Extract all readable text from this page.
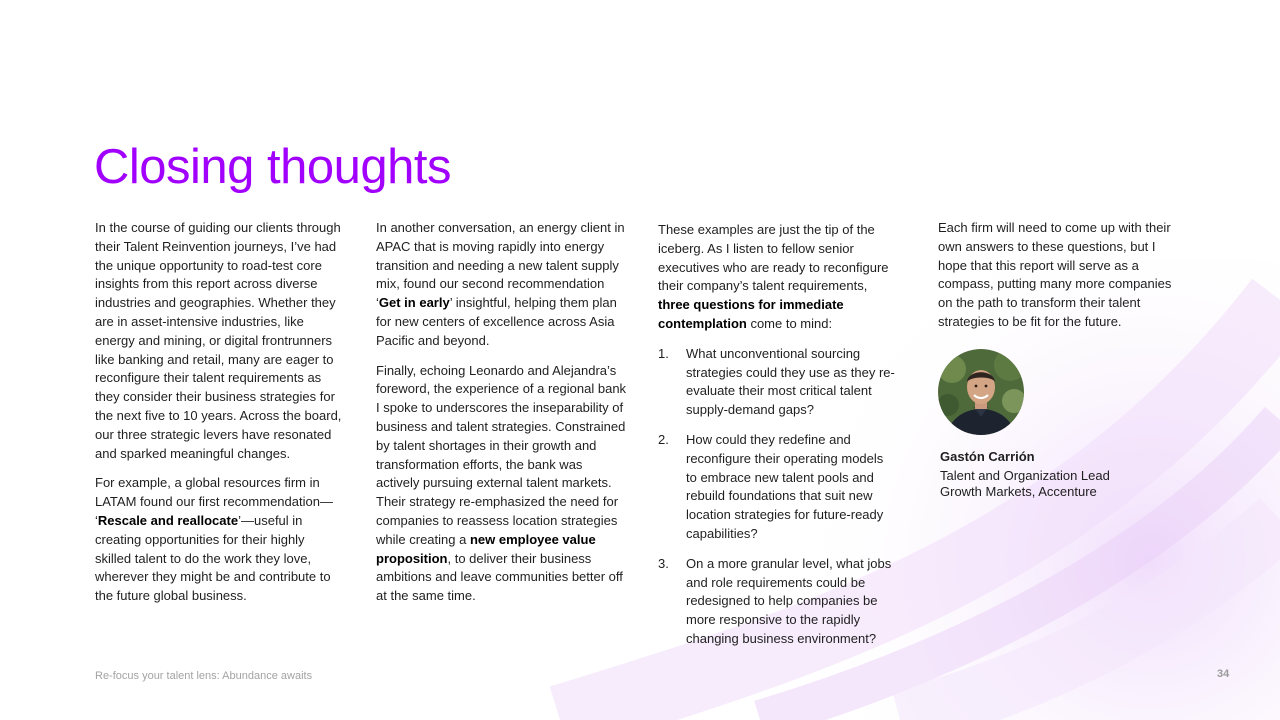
Closing thoughts

In the course of guiding our clients through their Talent Reinvention journeys, I’ve had the unique opportunity to road-test core insights from this report across diverse industries and geographies. Whether they are in asset-intensive industries, like energy and mining, or digital frontrunners like banking and retail, many are eager to reconfigure their talent requirements as they consider their business strategies for the next five to 10 years. Across the board, our three strategic levers have resonated and sparked meaningful changes.

For example, a global resources firm in LATAM found our first recommendation— ‘Rescale and reallocate’—useful in creating opportunities for their highly skilled talent to do the work they love, wherever they might be and contribute to the future global business.

In another conversation, an energy client in APAC that is moving rapidly into energy transition and needing a new talent supply mix, found our second recommendation ‘Get in early’ insightful, helping them plan for new centers of excellence across Asia Pacific and beyond.

Finally, echoing Leonardo and Alejandra’s foreword, the experience of a regional bank I spoke to underscores the inseparability of business and talent strategies. Constrained by talent shortages in their growth and transformation efforts, the bank was actively pursuing external talent markets. Their strategy re-emphasized the need for companies to reassess location strategies while creating a new employee value proposition, to deliver their business ambitions and leave communities better off at the same time.

These examples are just the tip of the iceberg. As I listen to fellow senior executives who are ready to reconfigure their company’s talent requirements, three questions for immediate contemplation come to mind:

1.	What unconventional sourcing strategies could they use as they re-evaluate their most critical talent supply-demand gaps?
2.	How could they redefine and reconfigure their operating models to embrace new talent pools and rebuild foundations that suit new location strategies for future-ready capabilities?
3.	On a more granular level, what jobs and role requirements could be redesigned to help companies be more responsive to the rapidly changing business environment?

Each firm will need to come up with their own answers to these questions, but I hope that this report will serve as a compass, putting many more companies on the path to transform their talent strategies to be fit for the future.

Gastón Carrión
Talent and Organization Lead
Growth Markets, Accenture
Re-focus your talent lens: Abundance awaits	34
